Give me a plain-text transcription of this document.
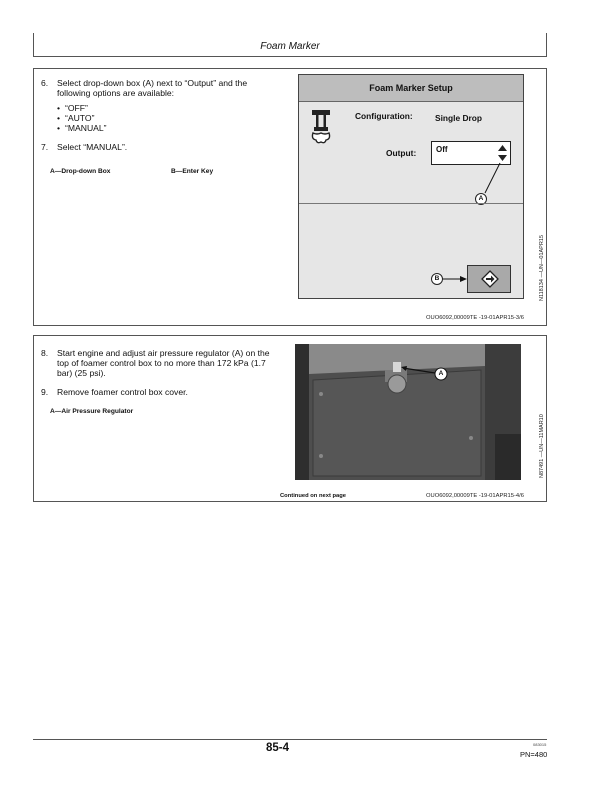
Foam Marker
6.	Select drop-down box (A) next to “Output” and the following options are available:
• “OFF”
• “AUTO”
• “MANUAL”
7.	Select “MANUAL”.
A—Drop-down Box	B—Enter Key
N118134 —UN—01APR15
OUO6092,00009TE -19-01APR15-3/6
Foam Marker Setup
Configuration:	Single Drop
Output: Off
A
B
8.	Start engine and adjust air pressure regulator (A) on the top of foamer control box to no more than 172 kPa (1.7 bar) (25 psi).
9.	Remove foamer control box cover.
A—Air Pressure Regulator
N87491 —UN—11MAR10
Continued on next page	OUO6092,00009TE -19-01APR15-4/6
A
85-4	083015
PN=480
